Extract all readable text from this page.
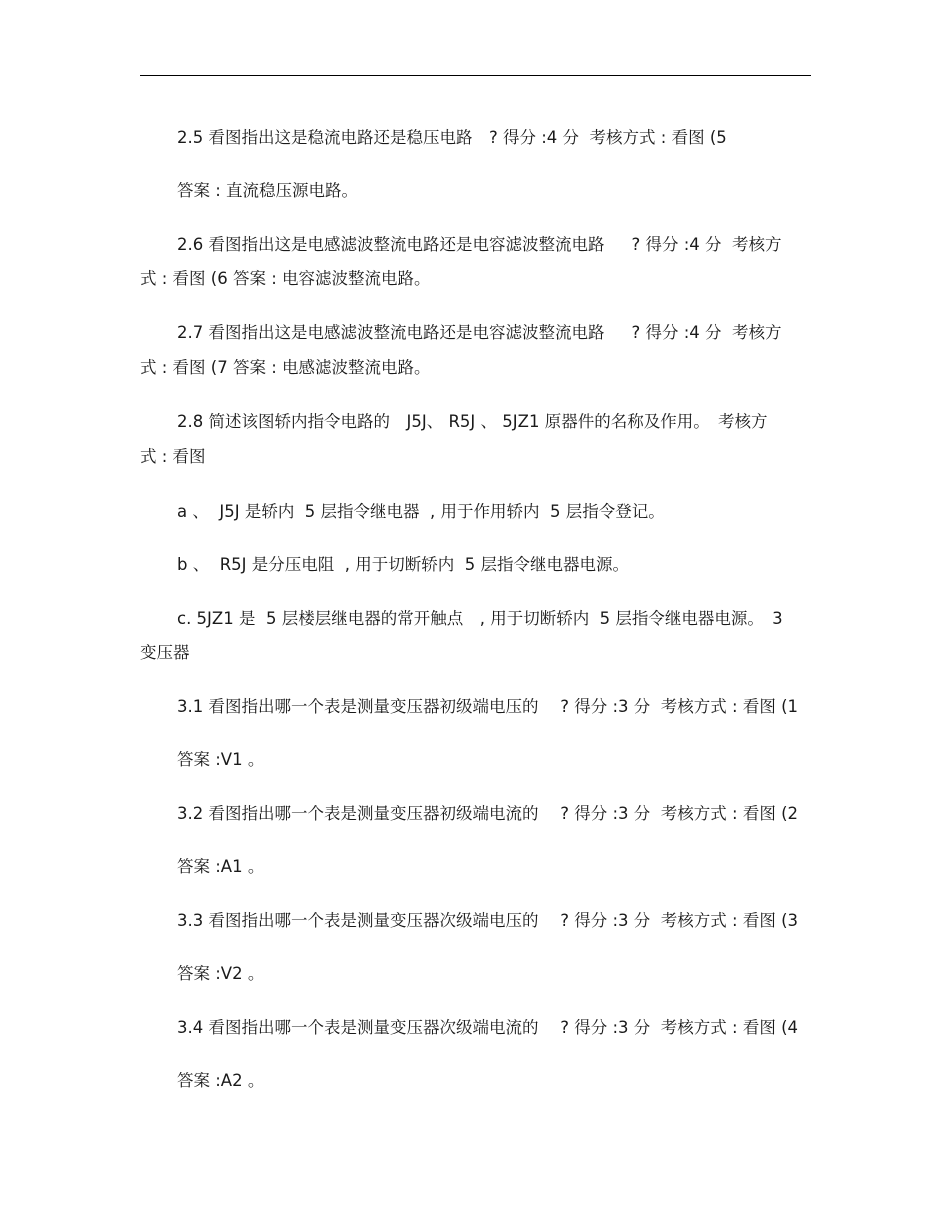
2.5 看图指出这是稳流电路还是稳压电路　? 得分 :4 分  考核方式 : 看图 (5
答案 : 直流稳压源电路。
2.6 看图指出这是电感滤波整流电路还是电容滤波整流电路　  ? 得分 :4 分  考核方
式 : 看图 (6 答案 : 电容滤波整流电路。
2.7 看图指出这是电感滤波整流电路还是电容滤波整流电路　  ? 得分 :4 分  考核方
式 : 看图 (7 答案 : 电感滤波整流电路。
2.8 简述该图轿内指令电路的　J5J、 R5J 、 5JZ1 原器件的名称及作用。　考核方
式 : 看图
a 、  J5J 是轿内  5 层指令继电器  , 用于作用轿内  5 层指令登记。
b 、  R5J 是分压电阻  , 用于切断轿内  5 层指令继电器电源。
c. 5JZ1 是  5 层楼层继电器的常开触点　, 用于切断轿内  5 层指令继电器电源。　3
变压器
3.1 看图指出哪一个表是测量变压器初级端电压的　 ? 得分 :3 分  考核方式 : 看图 (1
答案 :V1 。
3.2 看图指出哪一个表是测量变压器初级端电流的　 ? 得分 :3 分  考核方式 : 看图 (2
答案 :A1 。
3.3 看图指出哪一个表是测量变压器次级端电压的　 ? 得分 :3 分  考核方式 : 看图 (3
答案 :V2 。
3.4 看图指出哪一个表是测量变压器次级端电流的　 ? 得分 :3 分  考核方式 : 看图 (4
答案 :A2 。
